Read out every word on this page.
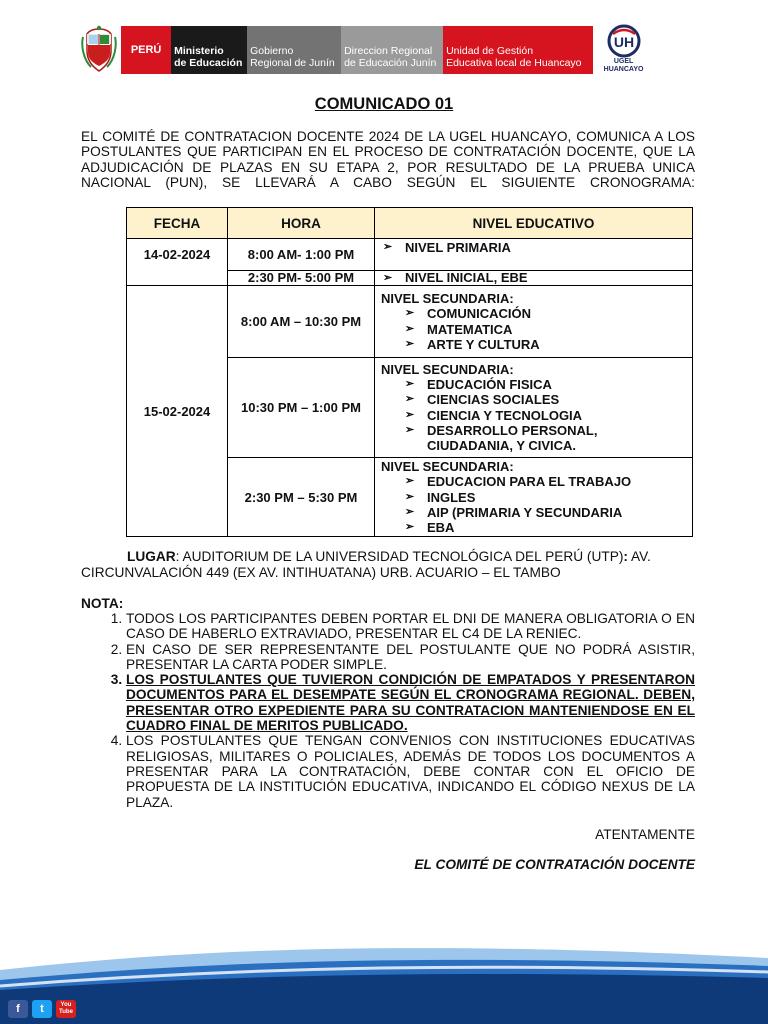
PERÚ Ministerio
de Educación
Gobierno
Regional de Junín
Direccion Regional
de Educación Junín
Unidad de Gestión
Educativa local de Huancayo
UH
UGEL
HUANCAYO
COMUNICADO 01
EL COMITÉ DE CONTRATACION DOCENTE 2024 DE LA UGEL HUANCAYO, COMUNICA A LOS POSTULANTES QUE PARTICIPAN EN EL PROCESO DE CONTRATACIÓN DOCENTE, QUE LA ADJUDICACIÓN DE PLAZAS EN SU ETAPA 2, POR RESULTADO DE LA PRUEBA UNICA NACIONAL (PUN), SE LLEVARÁ A CABO SEGÚN EL SIGUIENTE CRONOGRAMA:
FECHA	HORA	NIVEL EDUCATIVO
14-02-2024	8:00 AM- 1:00 PM	➢ NIVEL PRIMARIA

	2:30 PM- 5:00 PM	➢ NIVEL INICIAL, EBE

15-02-2024	8:00 AM – 10:30 PM	NIVEL SECUNDARIA:
➢ COMUNICACIÓN
➢ MATEMATICA
➢ ARTE Y CULTURA

	10:30 PM – 1:00 PM	NIVEL SECUNDARIA:
➢ EDUCACIÓN FISICA
➢ CIENCIAS SOCIALES
➢ CIENCIA Y TECNOLOGIA
➢ DESARROLLO PERSONAL, CIUDADANIA, Y CIVICA.

	2:30 PM – 5:30 PM	NIVEL SECUNDARIA:
➢ EDUCACION PARA EL TRABAJO
➢ INGLES
➢ AIP (PRIMARIA Y SECUNDARIA
➢ EBA
LUGAR: AUDITORIUM DE LA UNIVERSIDAD TECNOLÓGICA DEL PERÚ (UTP): AV. CIRCUNVALACIÓN 449 (EX AV. INTIHUATANA) URB. ACUARIO – EL TAMBO
NOTA:
1. TODOS LOS PARTICIPANTES DEBEN PORTAR EL DNI DE MANERA OBLIGATORIA O EN CASO DE HABERLO EXTRAVIADO, PRESENTAR EL C4 DE LA RENIEC.
2. EN CASO DE SER REPRESENTANTE DEL POSTULANTE QUE NO PODRÁ ASISTIR, PRESENTAR LA CARTA PODER SIMPLE.
3. LOS POSTULANTES QUE TUVIERON CONDICIÓN DE EMPATADOS Y PRESENTARON DOCUMENTOS PARA EL DESEMPATE SEGÚN EL CRONOGRAMA REGIONAL. DEBEN, PRESENTAR OTRO EXPEDIENTE PARA SU CONTRATACION MANTENIENDOSE EN EL CUADRO FINAL DE MERITOS PUBLICADO.
4. LOS POSTULANTES QUE TENGAN CONVENIOS CON INSTITUCIONES EDUCATIVAS RELIGIOSAS, MILITARES O POLICIALES, ADEMÁS DE TODOS LOS DOCUMENTOS A PRESENTAR PARA LA CONTRATACIÓN, DEBE CONTAR CON EL OFICIO DE PROPUESTA DE LA INSTITUCIÓN EDUCATIVA, INDICANDO EL CÓDIGO NEXUS DE LA PLAZA.
ATENTAMENTE
EL COMITÉ DE CONTRATACIÓN DOCENTE
f t	You Tube
